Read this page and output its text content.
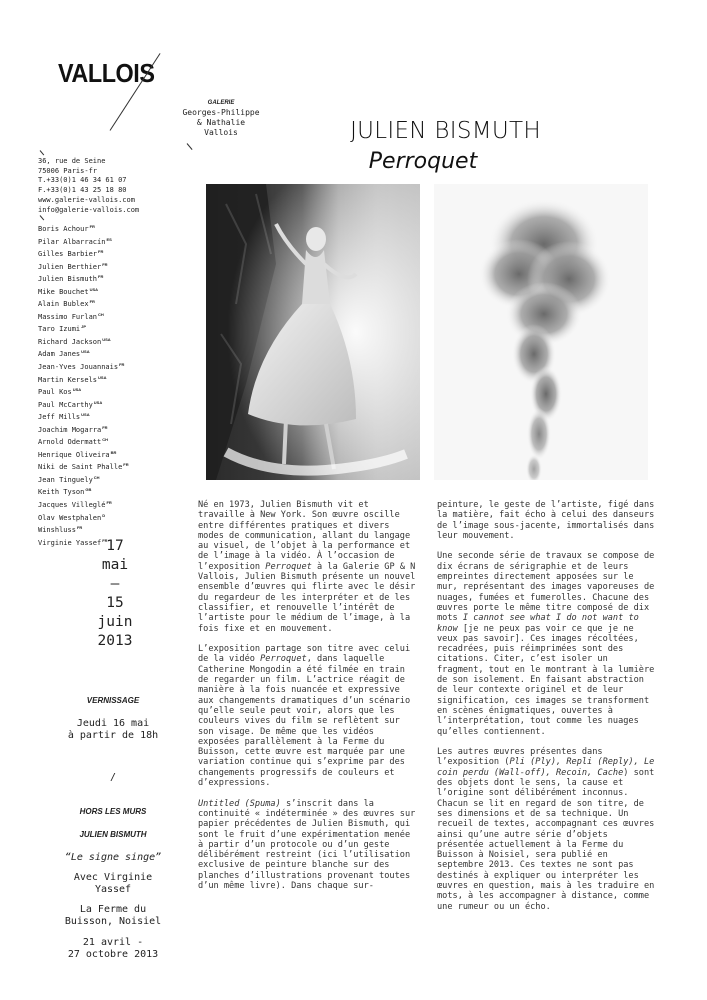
VALLOIS
GALERIE
Georges-Philippe
& Nathalie
Vallois
36, rue de Seine
75006 Paris-fr
T.+33(0)1 46 34 61 07
F.+33(0)1 43 25 18 80
www.galerie-vallois.com
info@galerie-vallois.com
Boris Achour$^{FR}$
Pilar Albarracín$^{ES}$
Gilles Barbier$^{FR}$
Julien Berthier$^{FR}$
Julien Bismuth$^{FR}$
Mike Bouchet$^{USA}$
Alain Bublex$^{FR}$
Massimo Furlan$^{CH}$
Taro Izumi$^{JP}$
Richard Jackson$^{USA}$
Adam Janes$^{USA}$
Jean-Yves Jouannais$^{FR}$
Martin Kersels$^{USA}$
Paul Kos$^{USA}$
Paul McCarthy$^{USA}$
Jeff Mills$^{USA}$
Joachim Mogarra$^{FR}$
Arnold Odermatt$^{CH}$
Henrique Oliveira$^{BR}$
Niki de Saint Phalle$^{FR}$
Jean Tinguely$^{CH}$
Keith Tyson$^{GB}$
Jacques Villeglé$^{FR}$
Olav Westphalen$^D$
Winshluss$^{FR}$
Virginie Yassef$^{FR}$
JULIEN BISMUTH
Perroquet
17
mai
–
15
juin
2013
VERNISSAGE
Jeudi 16 mai
à partir de 18h
/
HORS LES MURS
JULIEN BISMUTH
“Le signe singe”
Avec Virginie
Yassef
La Ferme du
Buisson, Noisiel
21 avril -
27 octobre 2013

Né en 1973, Julien Bismuth vit et travaille à New York. Son œuvre oscille entre différentes pratiques et divers modes de communication, allant du langage au visuel, de l’objet à la performance et de l’image à la vidéo. À l’occasion de l’exposition Perroquet à la Galerie GP & N Vallois, Julien Bismuth présente un nouvel ensemble d’œuvres qui flirte avec le désir du regardeur de les interpréter et de les classifier, et renouvelle l’intérêt de l’artiste pour le médium de l’image, à la fois fixe et en mouvement.

L’exposition partage son titre avec celui de la vidéo Perroquet, dans laquelle Catherine Mongodin a été filmée en train de regarder un film. L’actrice réagit de manière à la fois nuancée et expressive aux changements dramatiques d’un scénario qu’elle seule peut voir, alors que les couleurs vives du film se reflètent sur son visage. De même que les vidéos exposées parallèlement à la Ferme du Buisson, cette œuvre est marquée par une variation continue qui s’exprime par des changements progressifs de couleurs et d’expressions.

Untitled (Spuma) s’inscrit dans la continuité « indéterminée » des œuvres sur papier précédentes de Julien Bismuth, qui sont le fruit d’une expérimentation menée à partir d’un protocole ou d’un geste délibérément restreint (ici l’utilisation exclusive de peinture blanche sur des planches d’illustrations provenant toutes d’un même livre). Dans chaque sur-

peinture, le geste de l’artiste, figé dans la matière, fait écho à celui des danseurs de l’image sous-jacente, immortalisés dans leur mouvement.

Une seconde série de travaux se compose de dix écrans de sérigraphie et de leurs empreintes directement apposées sur le mur, représentant des images vaporeuses de nuages, fumées et fumerolles. Chacune des œuvres porte le même titre composé de dix mots I cannot see what I do not want to know [je ne peux pas voir ce que je ne veux pas savoir]. Ces images récoltées, recadrées, puis réimprimées sont des citations. Citer, c’est isoler un fragment, tout en le montrant à la lumière de son isolement. En faisant abstraction de leur contexte originel et de leur signification, ces images se transforment en scènes énigmatiques, ouvertes à l’interprétation, tout comme les nuages qu’elles contiennent.

Les autres œuvres présentes dans l’exposition (Pli (Ply), Repli (Reply), Le coin perdu (Wall-off), Recoin, Cache) sont des objets dont le sens, la cause et l’origine sont délibérément inconnus. Chacun se lit en regard de son titre, de ses dimensions et de sa technique. Un recueil de textes, accompagnant ces œuvres ainsi qu’une autre série d’objets présentée actuellement à la Ferme du Buisson à Noisiel, sera publié en septembre 2013. Ces textes ne sont pas destinés à expliquer ou interpréter les œuvres en question, mais à les traduire en mots, à les accompagner à distance, comme une rumeur ou un écho.
